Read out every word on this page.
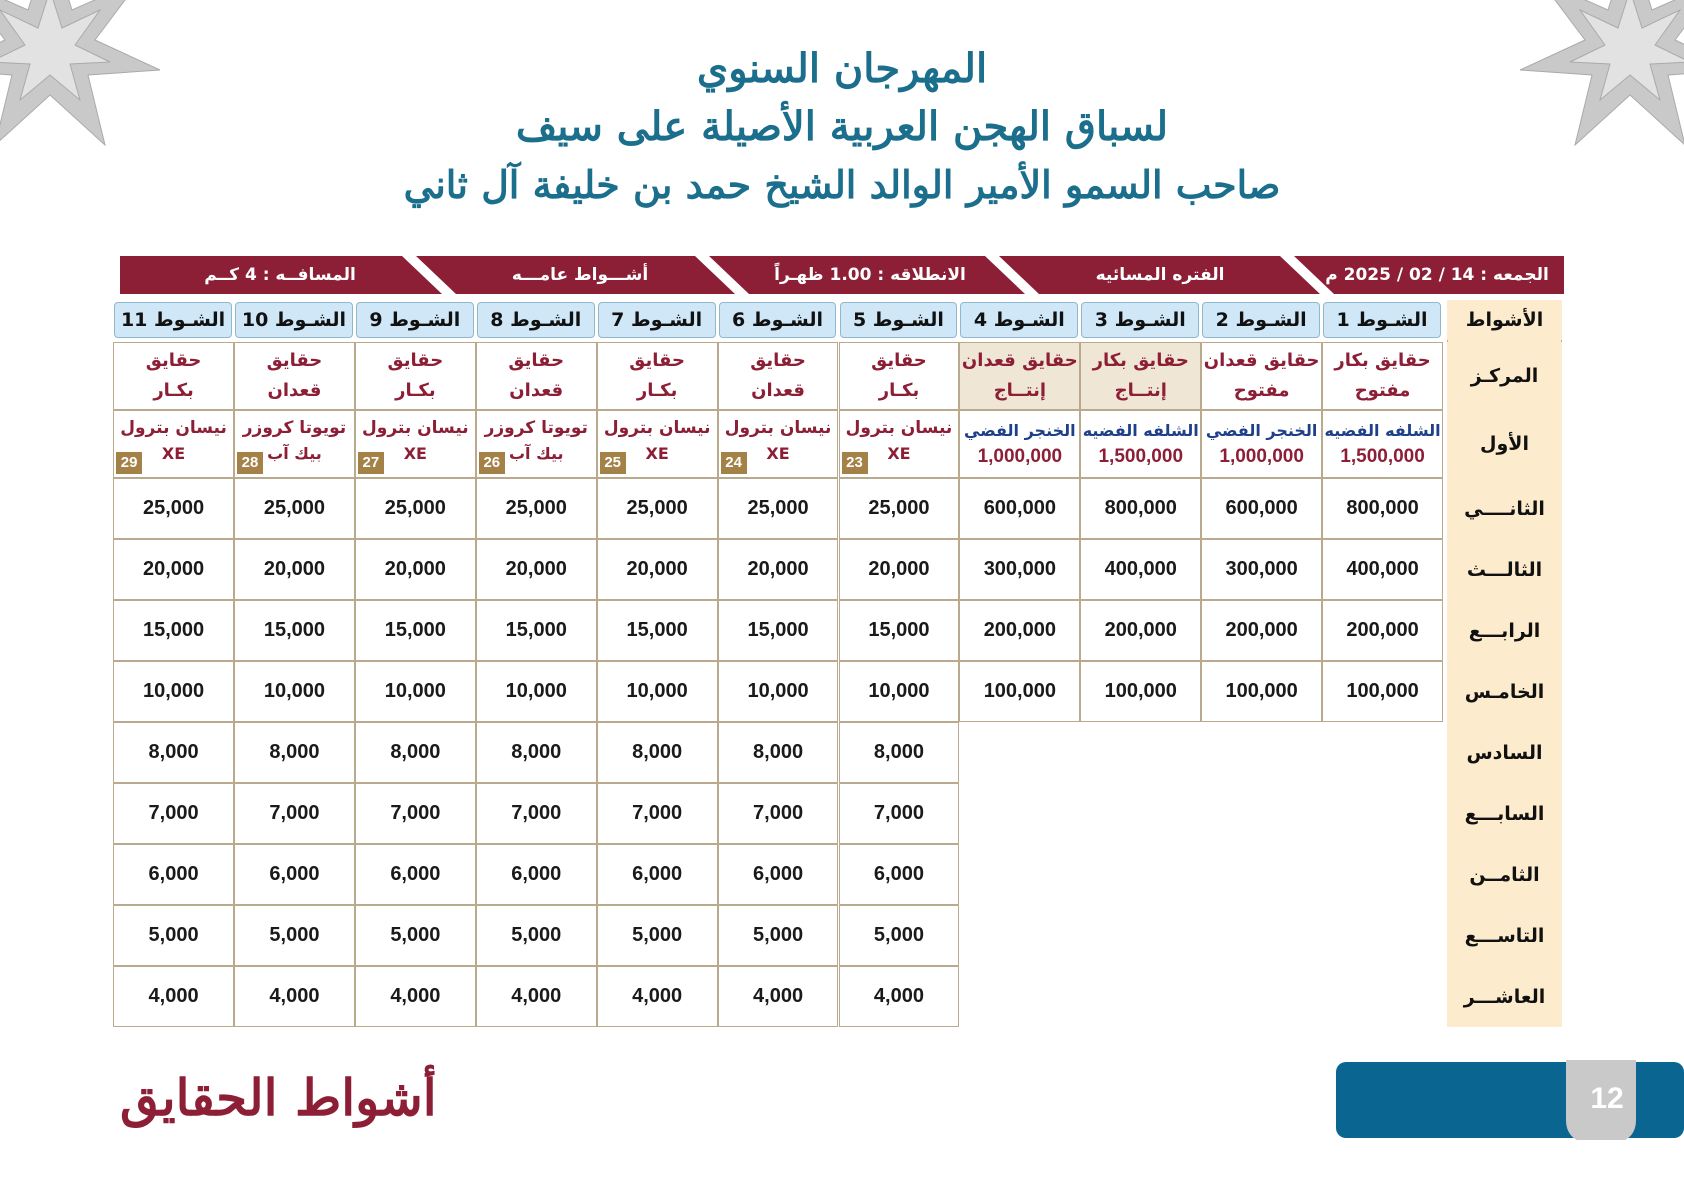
المهرجان السنوي
لسباق الهجن العربية الأصيلة على سيف
صاحب السمو الأمير الوالد الشيخ حمد بن خليفة آل ثاني
الجمعه : 14 / 02 / 2025 م
الفتره المسائيه
الانطلاقه : 1.00 ظهـراً
أشـــواط عامـــه
المسافــه : 4 كــم
الأشواط
المركـز
الأول
الثانــــي
الثالـــث
الرابـــع
الخامـس
السادس
السابـــع
الثامــن
التاســـع
العاشـــر
الشـوط 1
حقايق بكار
مفتوح
الشلفه الفضيه
1,500,000
800,000
400,000
200,000
100,000
الشـوط 2
حقايق قعدان
مفتوح
الخنجر الفضي
1,000,000
600,000
300,000
200,000
100,000
الشـوط 3
حقايق بكار
إنتــاج
الشلفه الفضيه
1,500,000
800,000
400,000
200,000
100,000
الشـوط 4
حقايق قعدان
إنتــاج
الخنجر الفضي
1,000,000
600,000
300,000
200,000
100,000
الشـوط 5
حقايق
بكـار
نيسان بترول
XE
23
25,000
20,000
15,000
10,000
8,000
7,000
6,000
5,000
4,000
الشـوط 6
حقايق
قعدان
نيسان بترول
XE
24
25,000
20,000
15,000
10,000
8,000
7,000
6,000
5,000
4,000
الشـوط 7
حقايق
بكـار
نيسان بترول
XE
25
25,000
20,000
15,000
10,000
8,000
7,000
6,000
5,000
4,000
الشـوط 8
حقايق
قعدان
تويوتا كروزر
بيك آب
26
25,000
20,000
15,000
10,000
8,000
7,000
6,000
5,000
4,000
الشـوط 9
حقايق
بكـار
نيسان بترول
XE
27
25,000
20,000
15,000
10,000
8,000
7,000
6,000
5,000
4,000
الشـوط 10
حقايق
قعدان
تويوتا كروزر
بيك آب
28
25,000
20,000
15,000
10,000
8,000
7,000
6,000
5,000
4,000
الشـوط 11
حقايق
بكـار
نيسان بترول
XE
29
25,000
20,000
15,000
10,000
8,000
7,000
6,000
5,000
4,000
أشواط الحقايق	12
